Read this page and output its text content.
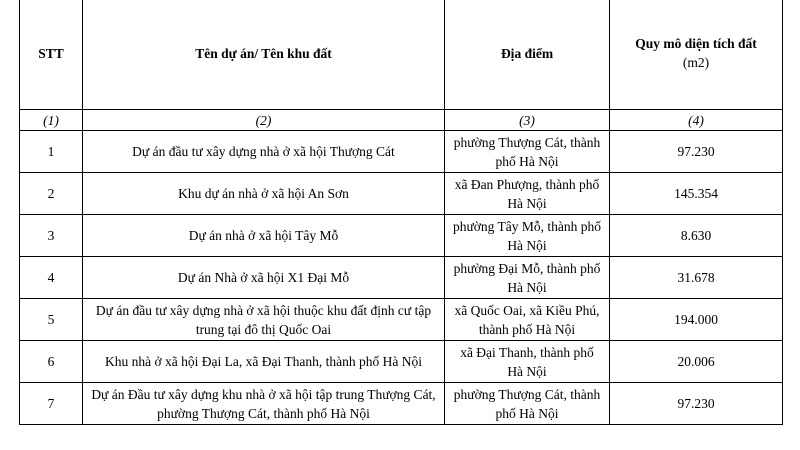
STT	Tên dự án/ Tên khu đất	Địa điểm	Quy mô diện tích đất
(m2)

(1)	(2)	(3)	(4)
1	Dự án đầu tư xây dựng nhà ở xã hội Thượng Cát	phường Thượng Cát, thành phố Hà Nội	97.230
2	Khu dự án nhà ở xã hội An Sơn	xã Đan Phượng, thành phố Hà Nội	145.354
3	Dự án nhà ở xã hội Tây Mỗ	phường Tây Mỗ, thành phố Hà Nội	8.630
4	Dự án Nhà ở xã hội X1 Đại Mỗ	phường Đại Mỗ, thành phố Hà Nội	31.678
5	Dự án đầu tư xây dựng nhà ở xã hội thuộc khu đất định cư tập trung tại đô thị Quốc Oai	xã Quốc Oai, xã Kiều Phú, thành phố Hà Nội	194.000
6	Khu nhà ở xã hội Đại La, xã Đại Thanh, thành phố Hà Nội	xã Đại Thanh, thành phố Hà Nội	20.006
7	Dự án Đầu tư xây dựng khu nhà ở xã hội tập trung Thượng Cát, phường Thượng Cát, thành phố Hà Nội	phường Thượng Cát, thành phố Hà Nội	97.230
